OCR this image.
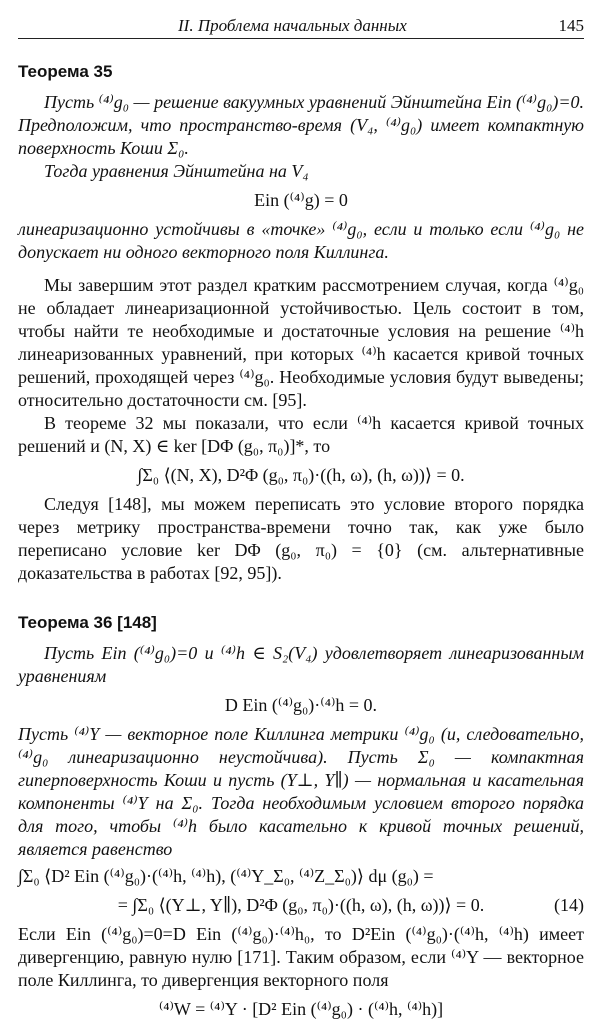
II. Проблема начальных данных	145
Теорема 35

Пусть ⁽⁴⁾g₀ — решение вакуумных уравнений Эйнштейна Ein (⁽⁴⁾g₀)=0. Предположим, что пространство-время (V₄, ⁽⁴⁾g₀) имеет компактную поверхность Коши Σ₀.

Тогда уравнения Эйнштейна на V₄

Ein (⁽⁴⁾g) = 0

линеаризационно устойчивы в «точке» ⁽⁴⁾g₀, если и только если ⁽⁴⁾g₀ не допускает ни одного векторного поля Киллинга.

Мы завершим этот раздел кратким рассмотрением случая, когда ⁽⁴⁾g₀ не обладает линеаризационной устойчивостью. Цель состоит в том, чтобы найти те необходимые и достаточные условия на решение ⁽⁴⁾h линеаризованных уравнений, при которых ⁽⁴⁾h касается кривой точных решений, проходящей через ⁽⁴⁾g₀. Необходимые условия будут выведены; относительно достаточности см. [95].

В теореме 32 мы показали, что если ⁽⁴⁾h касается кривой точных решений и (N, X) ∈ ker [DΦ (g₀, π₀)]*, то

∫Σ₀ ⟨(N, X), D²Φ (g₀, π₀)·((h, ω), (h, ω))⟩ = 0.

Следуя [148], мы можем переписать это условие второго порядка через метрику пространства-времени точно так, как уже было переписано условие ker DΦ (g₀, π₀) = {0} (см. альтернативные доказательства в работах [92, 95]).

Теорема 36 [148]

Пусть Ein (⁽⁴⁾g₀)=0 и ⁽⁴⁾h ∈ S₂(V₄) удовлетворяет линеаризованным уравнениям

D Ein (⁽⁴⁾g₀)·⁽⁴⁾h = 0.

Пусть ⁽⁴⁾Y — векторное поле Киллинга метрики ⁽⁴⁾g₀ (и, следовательно, ⁽⁴⁾g₀ линеаризационно неустойчива). Пусть Σ₀ — компактная гиперповерхность Коши и пусть (Y⊥, Y∥) — нормальная и касательная компоненты ⁽⁴⁾Y на Σ₀. Тогда необходимым условием второго порядка для того, чтобы ⁽⁴⁾h было касательно к кривой точных решений, является равенство

∫Σ₀ ⟨D² Ein (⁽⁴⁾g₀)·(⁽⁴⁾h, ⁽⁴⁾h), (⁽⁴⁾Y_Σ₀, ⁽⁴⁾Z_Σ₀)⟩ dμ (g₀) =
= ∫Σ₀ ⟨(Y⊥, Y∥), D²Φ (g₀, π₀)·((h, ω), (h, ω))⟩ = 0.	(14)

Если Ein (⁽⁴⁾g₀)=0=D Ein (⁽⁴⁾g₀)·⁽⁴⁾h₀, то D²Ein (⁽⁴⁾g₀)·(⁽⁴⁾h, ⁽⁴⁾h) имеет дивергенцию, равную нулю [171]. Таким образом, если ⁽⁴⁾Y — векторное поле Киллинга, то дивергенция векторного поля

⁽⁴⁾W = ⁽⁴⁾Y · [D² Ein (⁽⁴⁾g₀) · (⁽⁴⁾h, ⁽⁴⁾h)]
